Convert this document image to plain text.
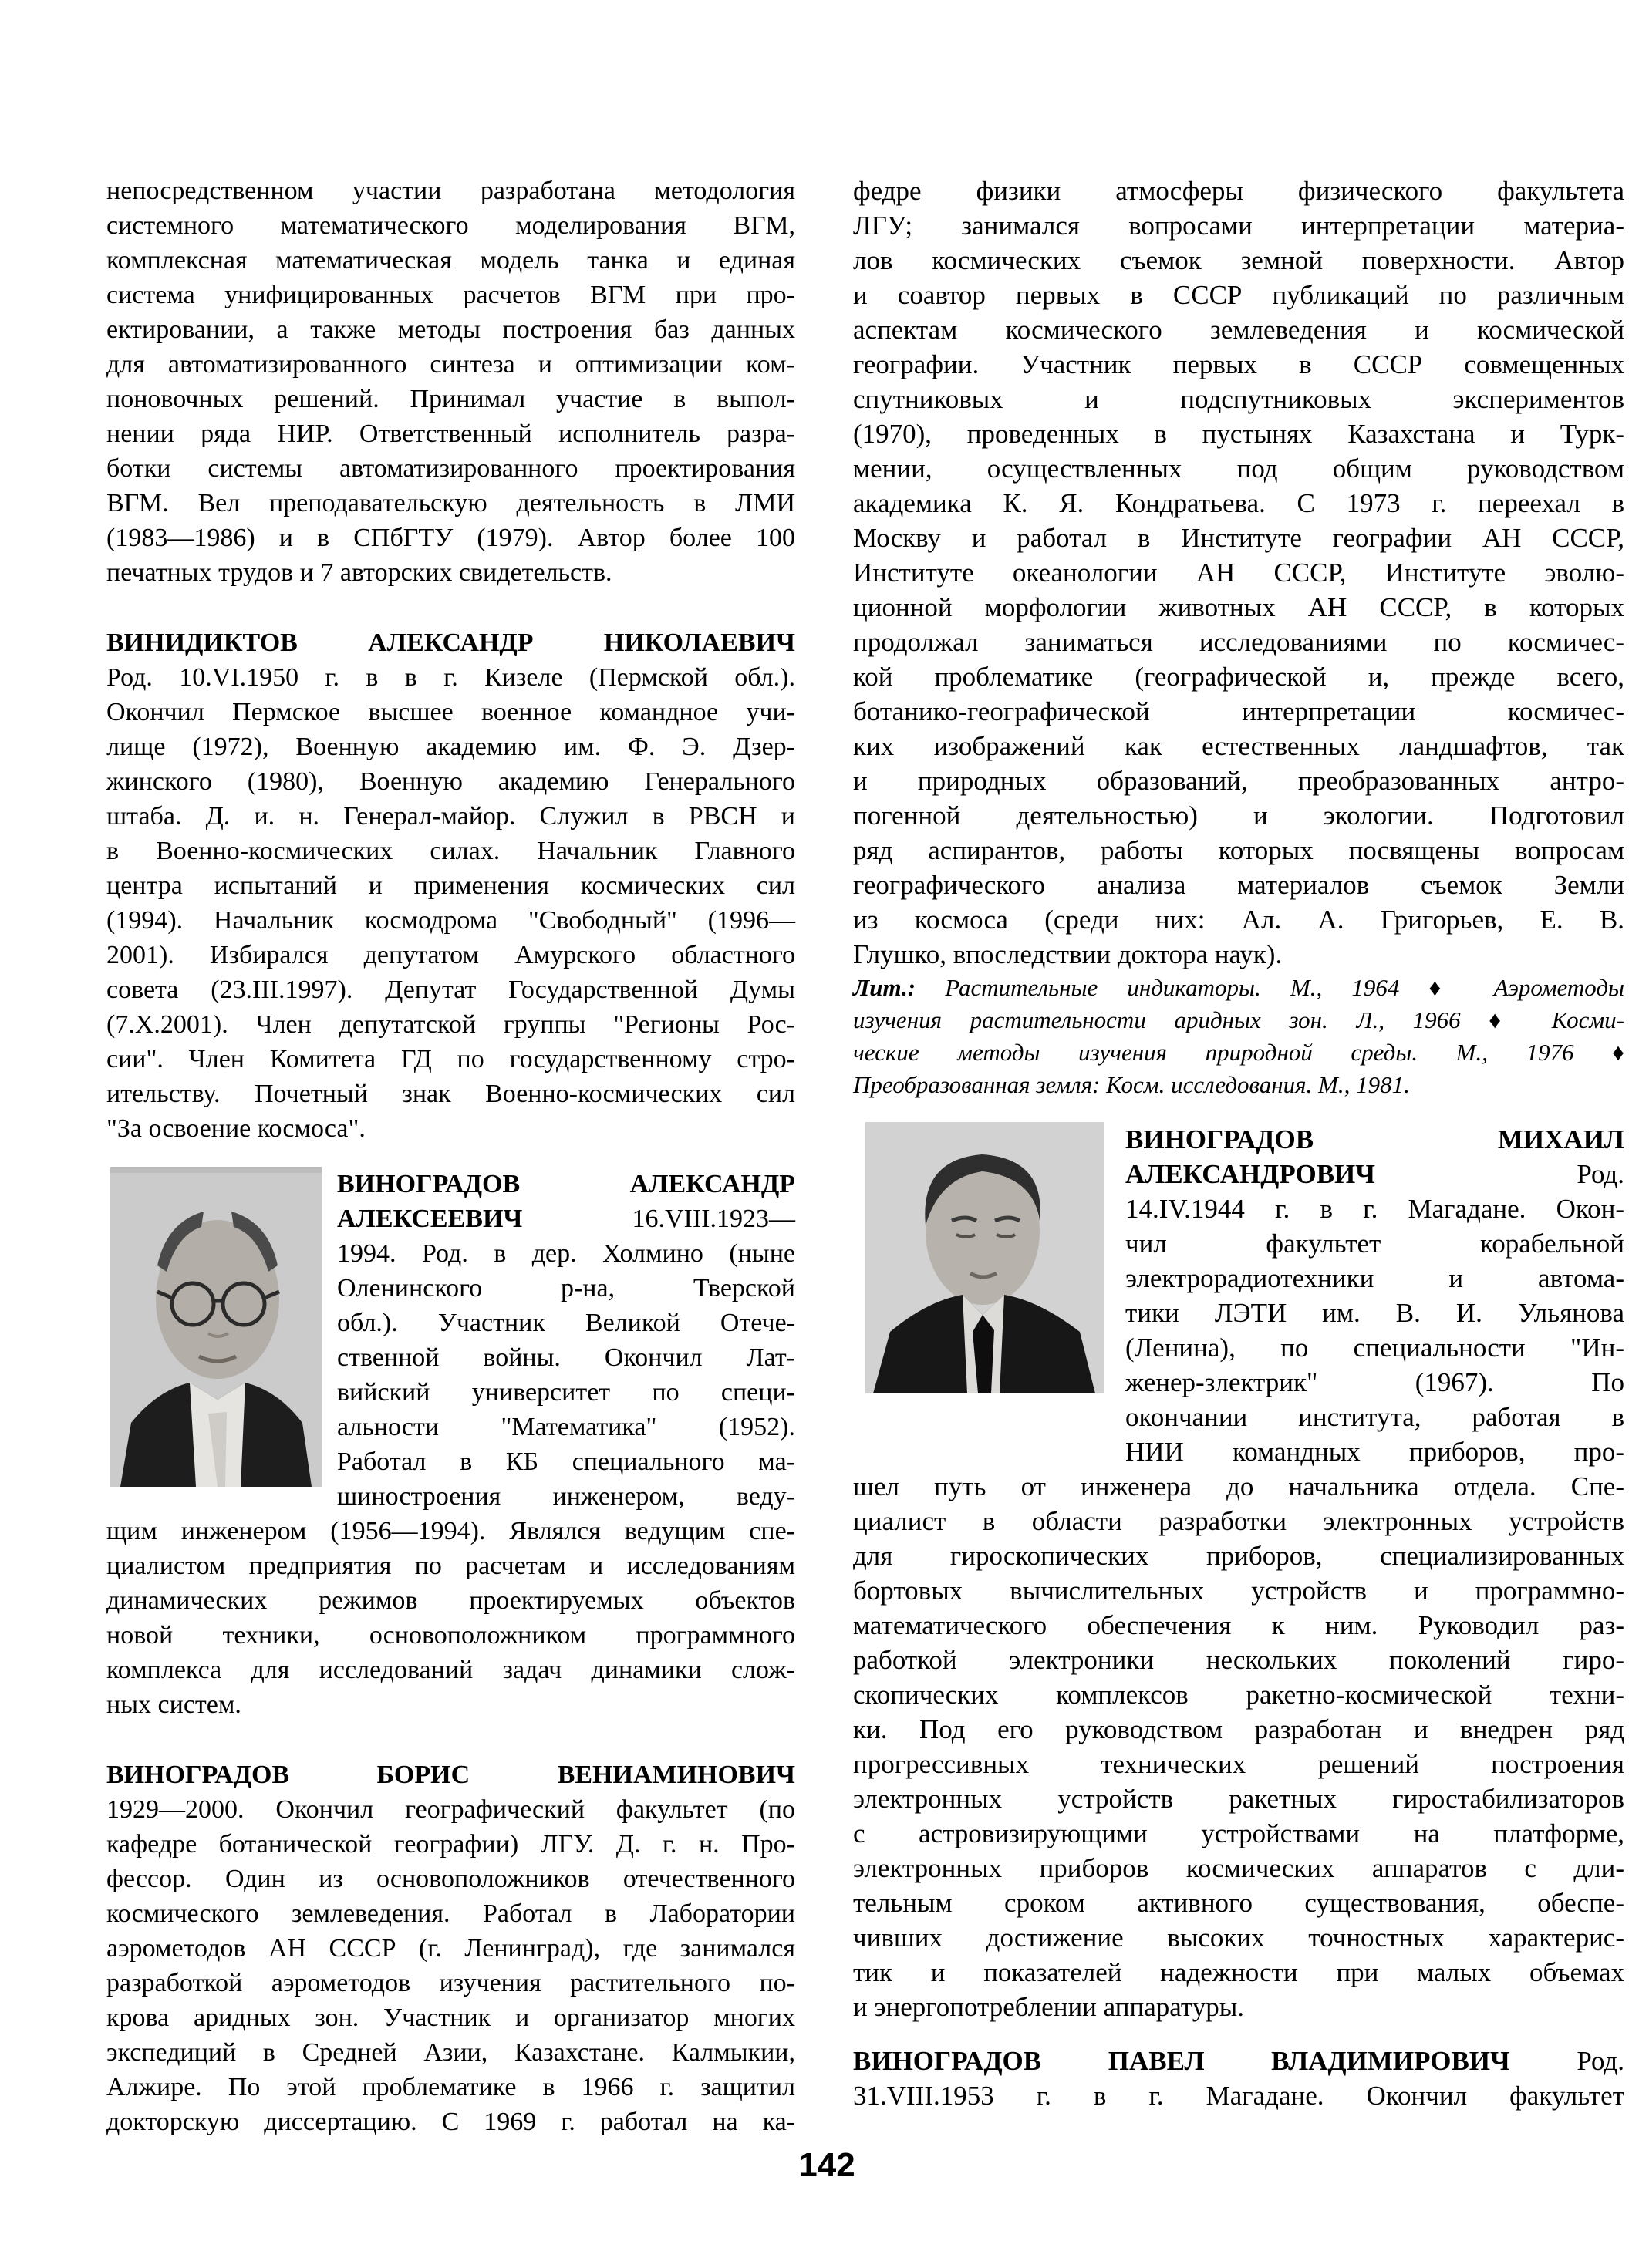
непосредственном участии разработана методология
системного математического моделирования ВГМ,
комплексная математическая модель танка и единая
система унифицированных расчетов ВГМ при про-
ектировании, а также методы построения баз данных
для автоматизированного синтеза и оптимизации ком-
поновочных решений. Принимал участие в выпол-
нении ряда НИР. Ответственный исполнитель разра-
ботки системы автоматизированного проектирования
ВГМ. Вел преподавательскую деятельность в ЛМИ
(1983—1986) и в СПбГТУ (1979). Автор более 100
печатных трудов и 7 авторских свидетельств.
ВИНИДИКТОВ АЛЕКСАНДР НИКОЛАЕВИЧ
Род. 10.VI.1950 г. в в г. Кизеле (Пермской обл.).
Окончил Пермское высшее военное командное учи-
лище (1972), Военную академию им. Ф. Э. Дзер-
жинского (1980), Военную академию Генерального
штаба. Д. и. н. Генерал-майор. Служил в РВСН и
в Военно-космических силах. Начальник Главного
центра испытаний и применения космических сил
(1994). Начальник космодрома "Свободный" (1996—
2001). Избирался депутатом Амурского областного
совета (23.III.1997). Депутат Государственной Думы
(7.X.2001). Член депутатской группы "Регионы Рос-
сии". Член Комитета ГД по государственному стро-
ительству. Почетный знак Военно-космических сил
"За освоение космоса".
ВИНОГРАДОВ АЛЕКСАНДР
АЛЕКСЕЕВИЧ 16.VIII.1923—
1994. Род. в дер. Холмино (ныне
Оленинского р-на, Тверской
обл.). Участник Великой Отече-
ственной войны. Окончил Лат-
вийский университет по специ-
альности "Математика" (1952).
Работал в КБ специального ма-
шиностроения инженером, веду-
щим инженером (1956—1994). Являлся ведущим спе-
циалистом предприятия по расчетам и исследованиям
динамических режимов проектируемых объектов
новой техники, основоположником программного
комплекса для исследований задач динамики слож-
ных систем.
ВИНОГРАДОВ БОРИС ВЕНИАМИНОВИЧ
1929—2000. Окончил географический факультет (по
кафедре ботанической географии) ЛГУ. Д. г. н. Про-
фессор. Один из основоположников отечественного
космического землеведения. Работал в Лаборатории
аэрометодов АН СССР (г. Ленинград), где занимался
разработкой аэрометодов изучения растительного по-
крова аридных зон. Участник и организатор многих
экспедиций в Средней Азии, Казахстане. Калмыкии,
Алжире. По этой проблематике в 1966 г. защитил
докторскую диссертацию. С 1969 г. работал на ка-
федре физики атмосферы физического факультета
ЛГУ; занимался вопросами интерпретации материа-
лов космических съемок земной поверхности. Автор
и соавтор первых в СССР публикаций по различным
аспектам космического землеведения и космической
географии. Участник первых в СССР совмещенных
спутниковых и подспутниковых экспериментов
(1970), проведенных в пустынях Казахстана и Турк-
мении, осуществленных под общим руководством
академика К. Я. Кондратьева. С 1973 г. переехал в
Москву и работал в Институте географии АН СССР,
Институте океанологии АН СССР, Институте эволю-
ционной морфологии животных АН СССР, в которых
продолжал заниматься исследованиями по космичес-
кой проблематике (географической и, прежде всего,
ботанико-географической интерпретации космичес-
ких изображений как естественных ландшафтов, так
и природных образований, преобразованных антро-
погенной деятельностью) и экологии. Подготовил
ряд аспирантов, работы которых посвящены вопросам
географического анализа материалов съемок Земли
из космоса (среди них: Ал. А. Григорьев, Е. В.
Глушко, впоследствии доктора наук).
Лит.: Растительные индикаторы. М., 1964 ♦ Аэрометоды
изучения растительности аридных зон. Л., 1966 ♦ Косми-
ческие методы изучения природной среды. М., 1976 ♦
Преобразованная земля: Косм. исследования. М., 1981.
ВИНОГРАДОВ МИХАИЛ
АЛЕКСАНДРОВИЧ Род.
14.IV.1944 г. в г. Магадане. Окон-
чил факультет корабельной
электрорадиотехники и автома-
тики ЛЭТИ им. В. И. Ульянова
(Ленина), по специальности "Ин-
женер-злектрик" (1967). По
окончании института, работая в
НИИ командных приборов, про-
шел путь от инженера до начальника отдела. Спе-
циалист в области разработки электронных устройств
для гироскопических приборов, специализированных
бортовых вычислительных устройств и программно-
математического обеспечения к ним. Руководил раз-
работкой электроники нескольких поколений гиро-
скопических комплексов ракетно-космической техни-
ки. Под его руководством разработан и внедрен ряд
прогрессивных технических решений построения
электронных устройств ракетных гиростабилизаторов
с астровизирующими устройствами на платформе,
электронных приборов космических аппаратов с дли-
тельным сроком активного существования, обеспе-
чивших достижение высоких точностных характерис-
тик и показателей надежности при малых объемах
и энергопотреблении аппаратуры.
ВИНОГРАДОВ ПАВЕЛ ВЛАДИМИРОВИЧ Род.
31.VIII.1953 г. в г. Магадане. Окончил факультет
142
